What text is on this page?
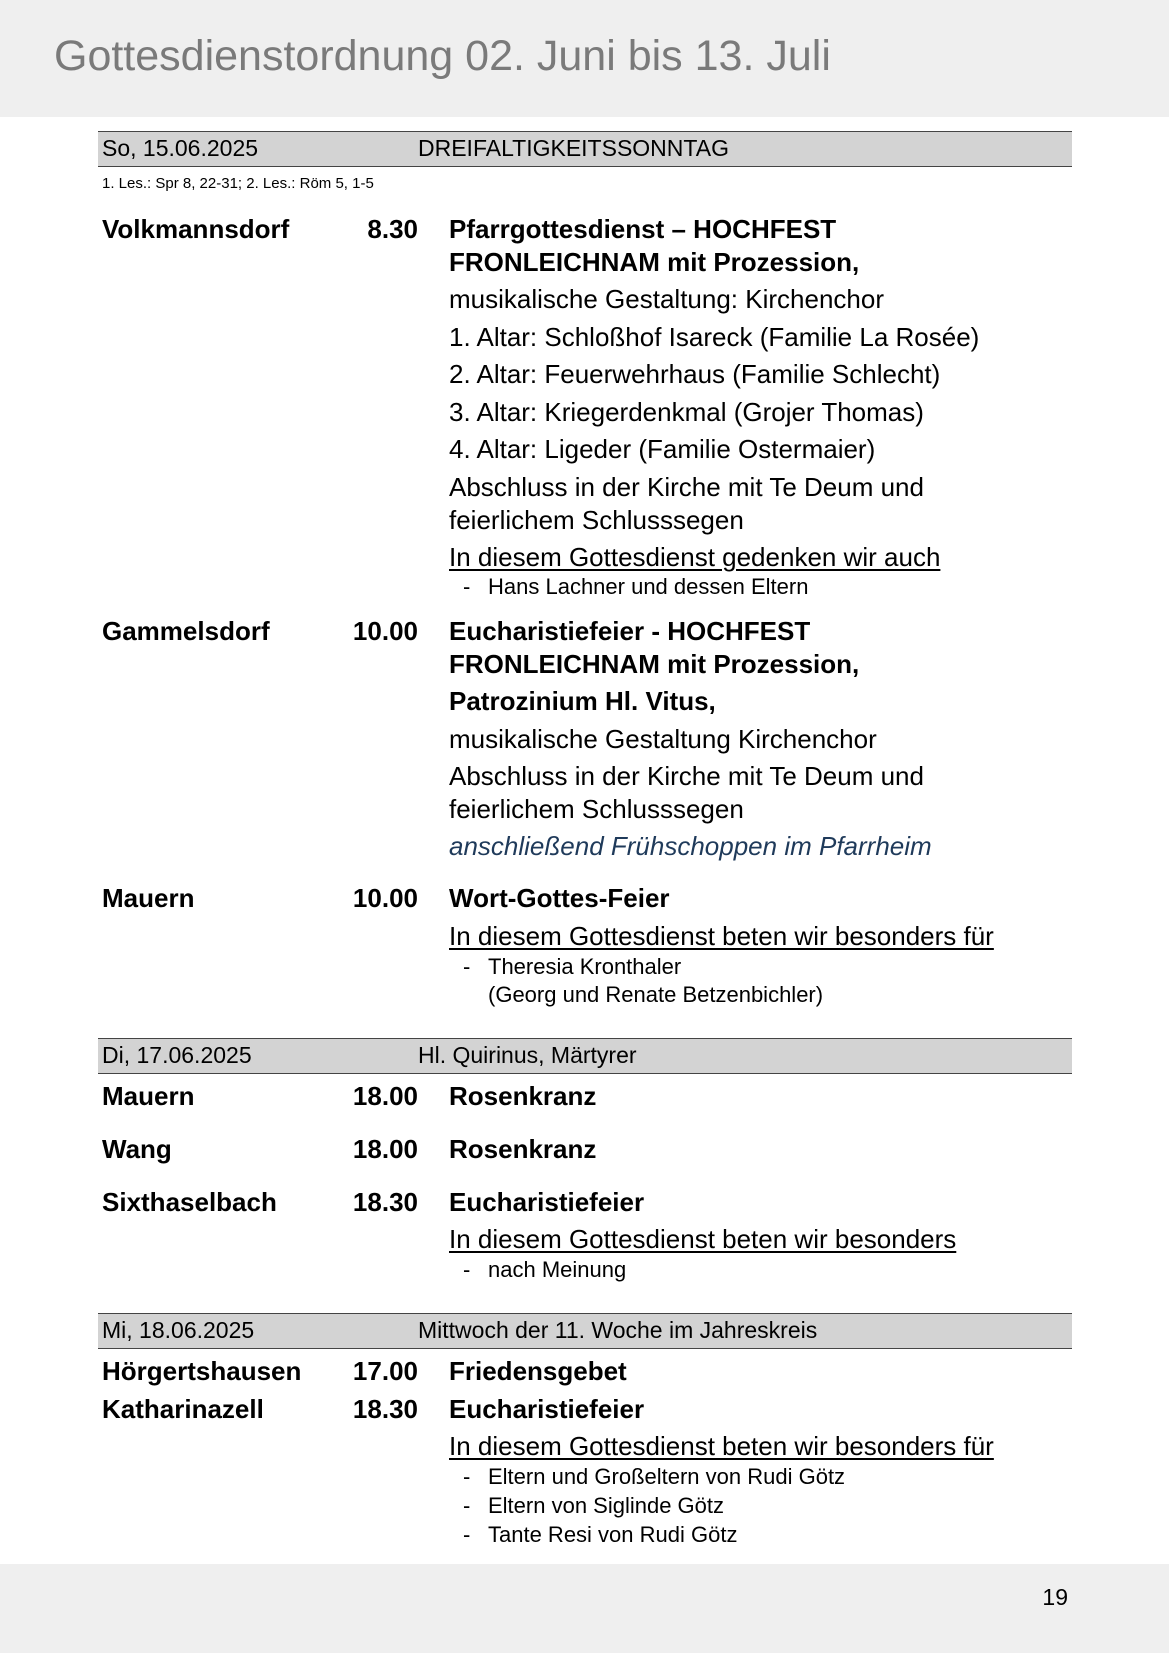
Gottesdienstordnung 02. Juni bis 13. Juli
So, 15.06.2025	DREIFALTIGKEITSSONNTAG
1. Les.: Spr 8, 22-31; 2. Les.: Röm 5, 1-5
Volkmannsdorf	8.30 Pfarrgottesdienst – HOCHFEST
FRONLEICHNAM mit Prozession,
musikalische Gestaltung: Kirchenchor
1. Altar: Schloßhof Isareck (Familie La Rosée)
2. Altar: Feuerwehrhaus (Familie Schlecht)
3. Altar: Kriegerdenkmal (Grojer Thomas)
4. Altar: Ligeder (Familie Ostermaier)
Abschluss in der Kirche mit Te Deum und
feierlichem Schlusssegen
In diesem Gottesdienst gedenken wir auch
- Hans Lachner und dessen Eltern
Gammelsdorf	10.00 Eucharistiefeier - HOCHFEST
FRONLEICHNAM mit Prozession,
Patrozinium Hl. Vitus,
musikalische Gestaltung Kirchenchor
Abschluss in der Kirche mit Te Deum und
feierlichem Schlusssegen
anschließend Frühschoppen im Pfarrheim
Mauern	10.00 Wort-Gottes-Feier
In diesem Gottesdienst beten wir besonders für
- Theresia Kronthaler
(Georg und Renate Betzenbichler)
Di, 17.06.2025	Hl. Quirinus, Märtyrer
Mauern	18.00 Rosenkranz
Wang	18.00 Rosenkranz
Sixthaselbach	18.30 Eucharistiefeier
In diesem Gottesdienst beten wir besonders
- nach Meinung
Mi, 18.06.2025	Mittwoch der 11. Woche im Jahreskreis
Hörgertshausen	17.00 Friedensgebet
Katharinazell	18.30 Eucharistiefeier
In diesem Gottesdienst beten wir besonders für
- Eltern und Großeltern von Rudi Götz
- Eltern von Siglinde Götz
- Tante Resi von Rudi Götz
19
